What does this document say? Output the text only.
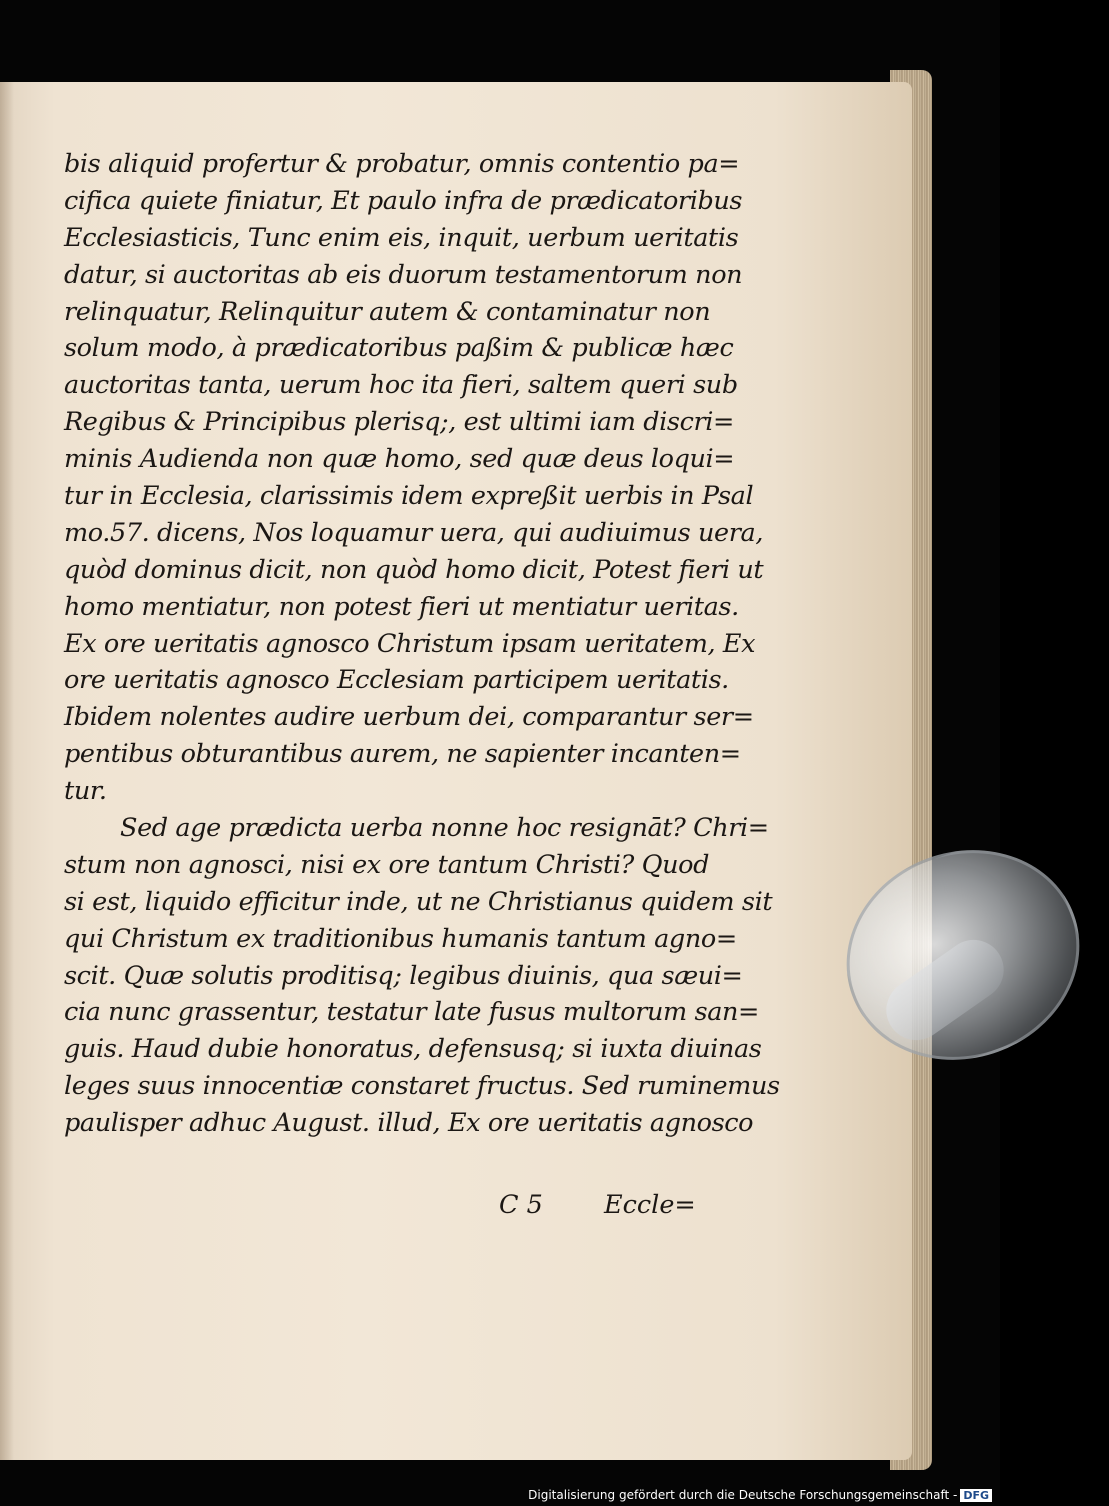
bis aliquid profertur & probatur, omnis contentio pa=
cifica quiete finiatur, Et paulo infra de prædicatoribus
Ecclesiasticis, Tunc enim eis, inquit, uerbum ueritatis
datur, si auctoritas ab eis duorum testamentorum non
relinquatur, Relinquitur autem & contaminatur non
solum modo, à prædicatoribus paßim & publicæ hæc
auctoritas tanta, uerum hoc ita fieri, saltem queri sub
Regibus & Principibus plerisq;, est ultimi iam discri=
minis Audienda non quæ homo, sed quæ deus loqui=
tur in Ecclesia, clarissimis idem expreßit uerbis in Psal
mo.57. dicens, Nos loquamur uera, qui audiuimus uera,
quòd dominus dicit, non quòd homo dicit, Potest fieri ut
homo mentiatur, non potest fieri ut mentiatur ueritas.
Ex ore ueritatis agnosco Christum ipsam ueritatem, Ex
ore ueritatis agnosco Ecclesiam participem ueritatis.
Ibidem nolentes audire uerbum dei, comparantur ser=
pentibus obturantibus aurem, ne sapienter incanten=
tur.
Sed age prædicta uerba nonne hoc resignāt? Chri=
stum non agnosci, nisi ex ore tantum Christi? Quod
si est, liquido efficitur inde, ut ne Christianus quidem sit
qui Christum ex traditionibus humanis tantum agno=
scit. Quæ solutis proditisq; legibus diuinis, qua sæui=
cia nunc grassentur, testatur late fusus multorum san=
guis. Haud dubie honoratus, defensusq; si iuxta diuinas
leges suus innocentiæ constaret fructus. Sed ruminemus
paulisper adhuc August. illud, Ex ore ueritatis agnosco
C 5 Eccle=
Digitalisierung gefördert durch die Deutsche Forschungsgemeinschaft - DFG
